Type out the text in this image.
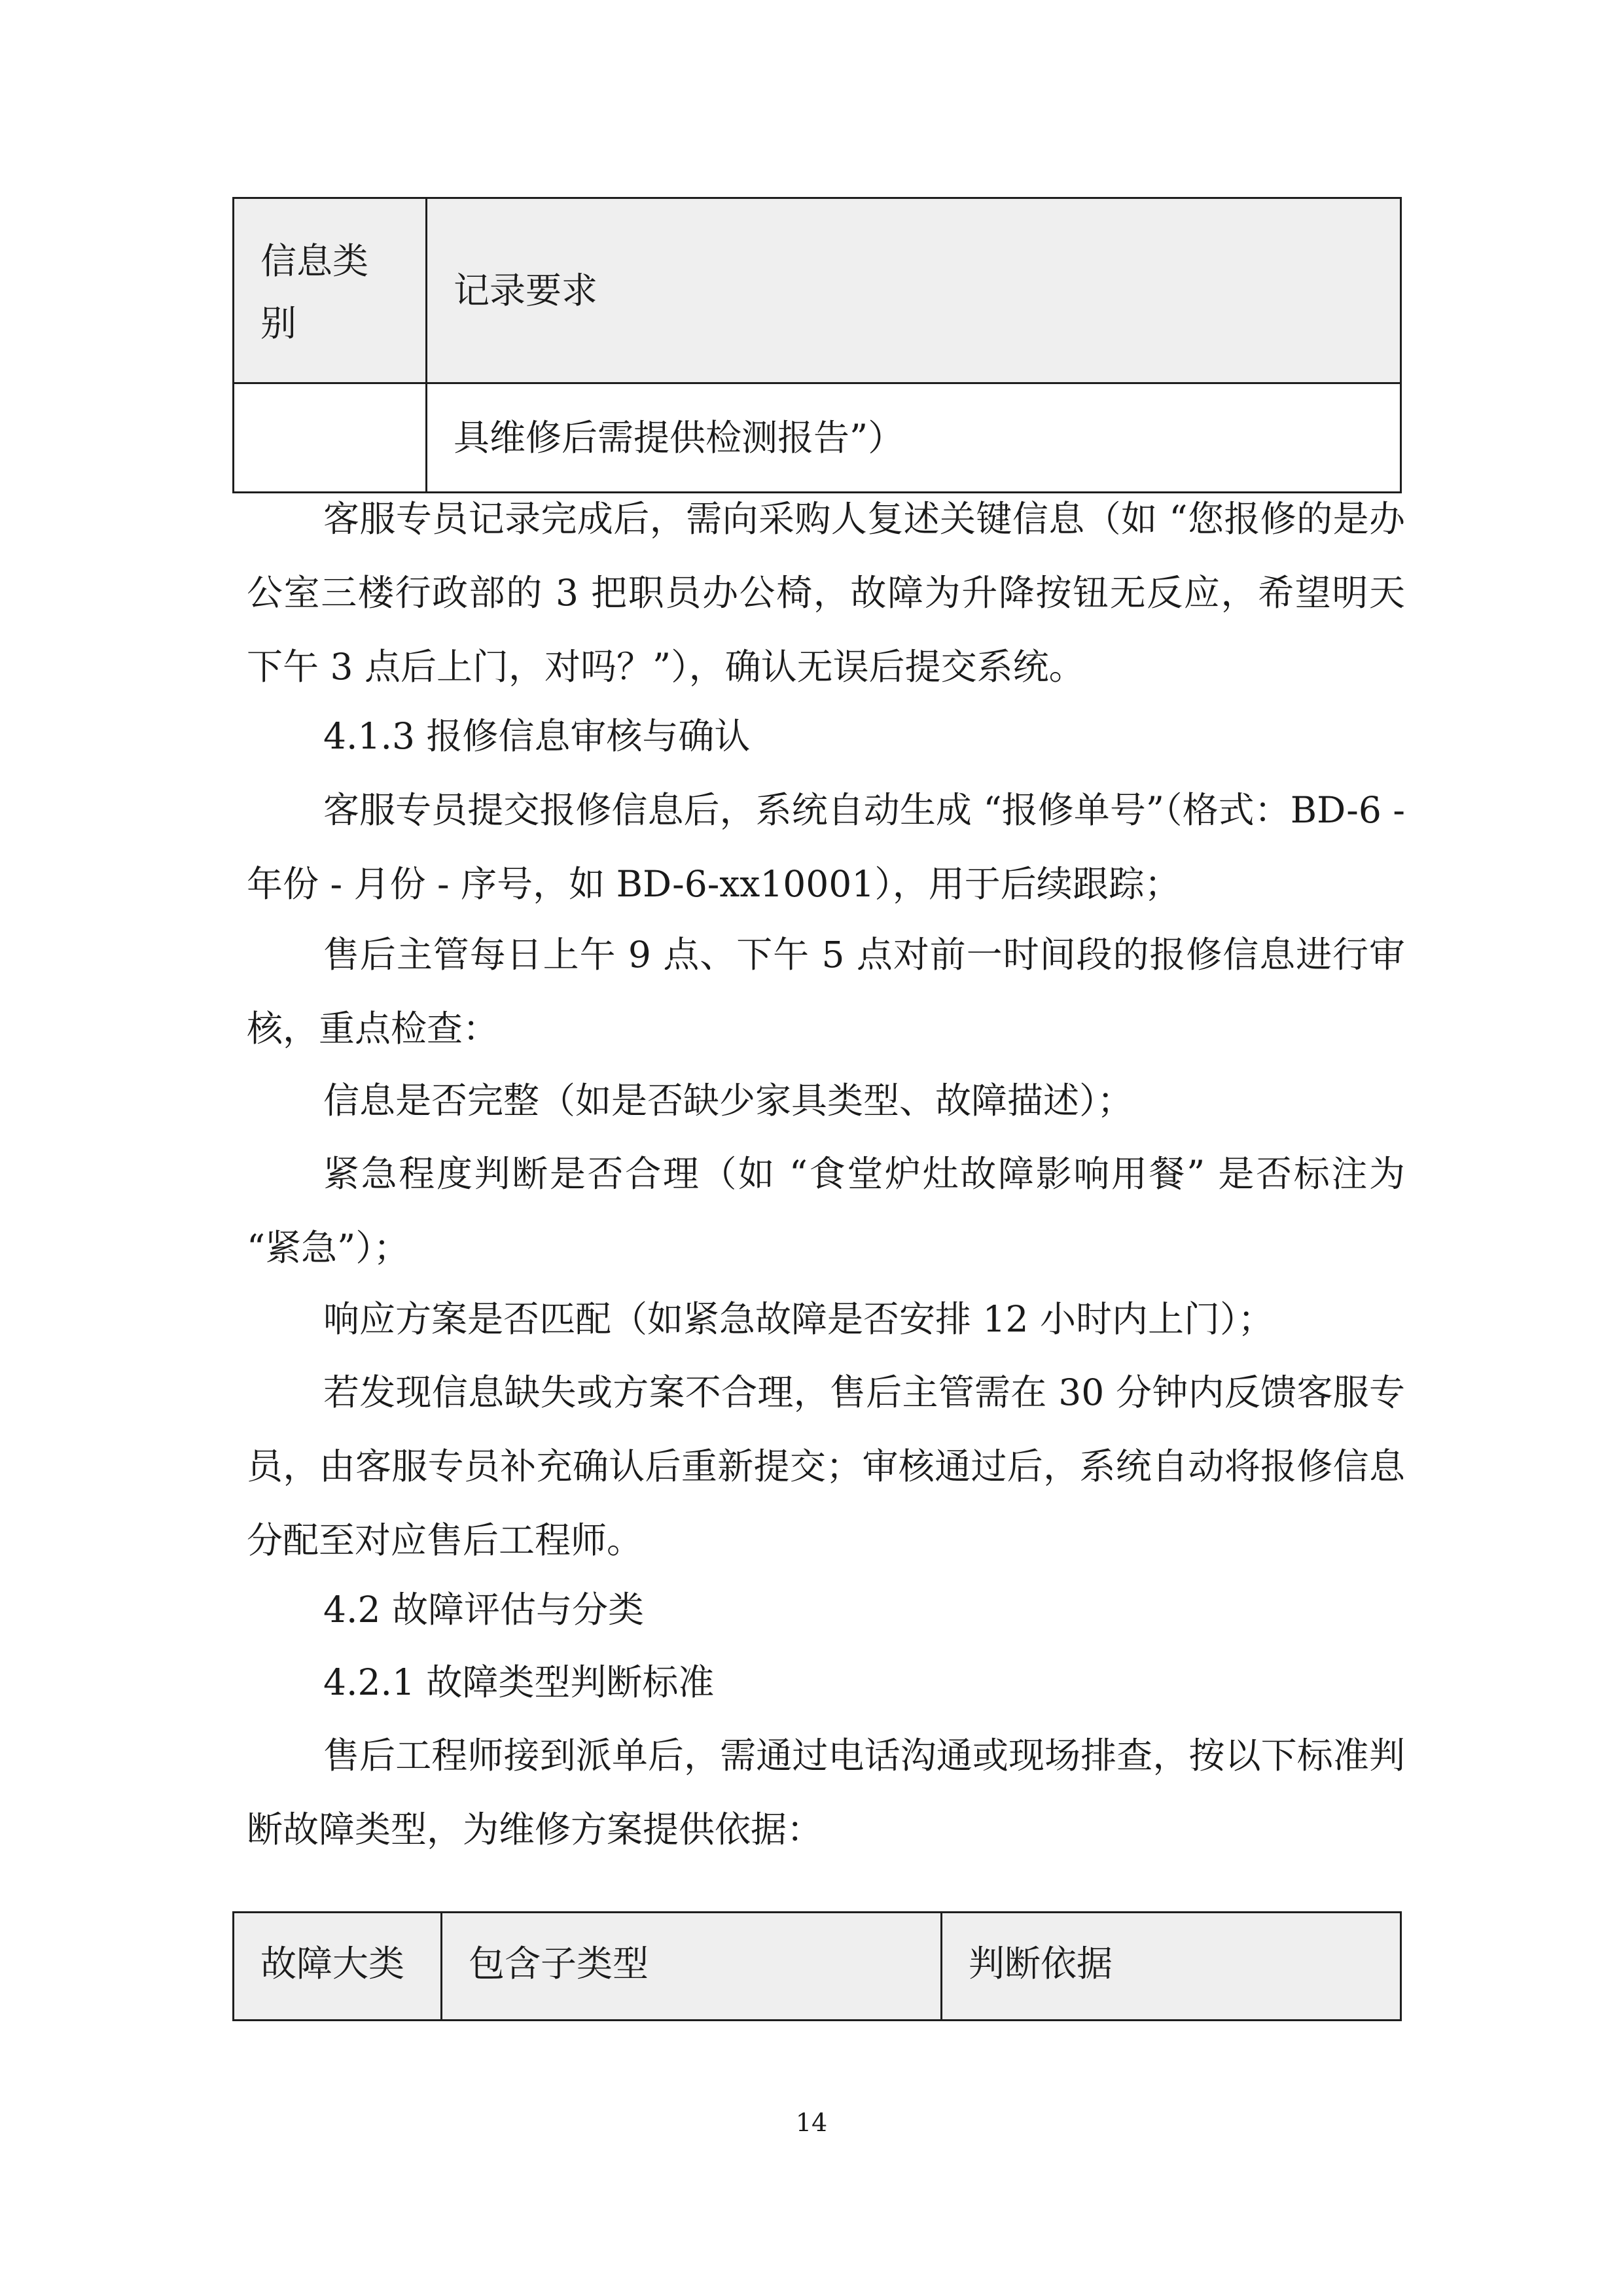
信息类
别	记录要求
	具维修后需提供检测报告”）

客服专员记录完成后，需向采购人复述关键信息（如 “您报修的是办公室三楼行政部的 3 把职员办公椅，故障为升降按钮无反应，希望明天下午 3 点后上门，对吗？”），确认无误后提交系统。

4.1.3 报修信息审核与确认

客服专员提交报修信息后，系统自动生成 “报修单号”（格式：BD-6 - 年份 - 月份 - 序号，如 BD-6-xx10001），用于后续跟踪；

售后主管每日上午 9 点、下午 5 点对前一时间段的报修信息进行审核，重点检查：

信息是否完整（如是否缺少家具类型、故障描述）；

紧急程度判断是否合理（如 “食堂炉灶故障影响用餐” 是否标注为 “紧急”）；

响应方案是否匹配（如紧急故障是否安排 12 小时内上门）；

若发现信息缺失或方案不合理，售后主管需在 30 分钟内反馈客服专员，由客服专员补充确认后重新提交；审核通过后，系统自动将报修信息分配至对应售后工程师。

4.2 故障评估与分类

4.2.1 故障类型判断标准

售后工程师接到派单后，需通过电话沟通或现场排查，按以下标准判断故障类型，为维修方案提供依据：

故障大类	包含子类型	判断依据
14
